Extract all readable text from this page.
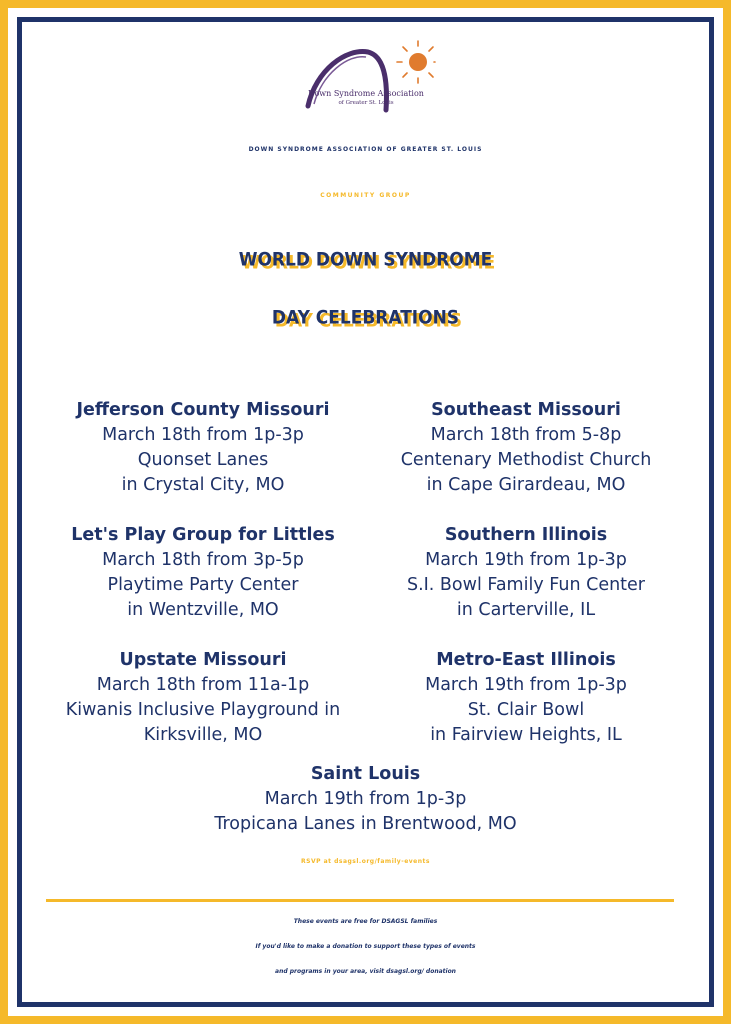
Down Syndrome Association
of Greater St. Louis
DOWN SYNDROME ASSOCIATION OF GREATER ST. LOUIS
COMMUNITY GROUP
WORLD DOWN SYNDROME
DAY CELEBRATIONS
Jefferson County Missouri
March 18th from 1p-3p
Quonset Lanes
in Crystal City, MO
Southeast Missouri
March 18th from 5-8p
Centenary Methodist Church
in Cape Girardeau, MO
Let's Play Group for Littles
March 18th from 3p-5p
Playtime Party Center
in Wentzville, MO
Southern Illinois
March 19th from 1p-3p
S.I. Bowl Family Fun Center
in Carterville, IL
Upstate Missouri
March 18th from 11a-1p
Kiwanis Inclusive Playground in
Kirksville, MO
Metro-East Illinois
March 19th from 1p-3p
St. Clair Bowl
in Fairview Heights, IL
Saint Louis
March 19th from 1p-3p
Tropicana Lanes in Brentwood, MO
RSVP at dsagsl.org/family-events
These events are free for DSAGSL families
If you'd like to make a donation to support these types of events
and programs in your area, visit dsagsl.org/ donation
